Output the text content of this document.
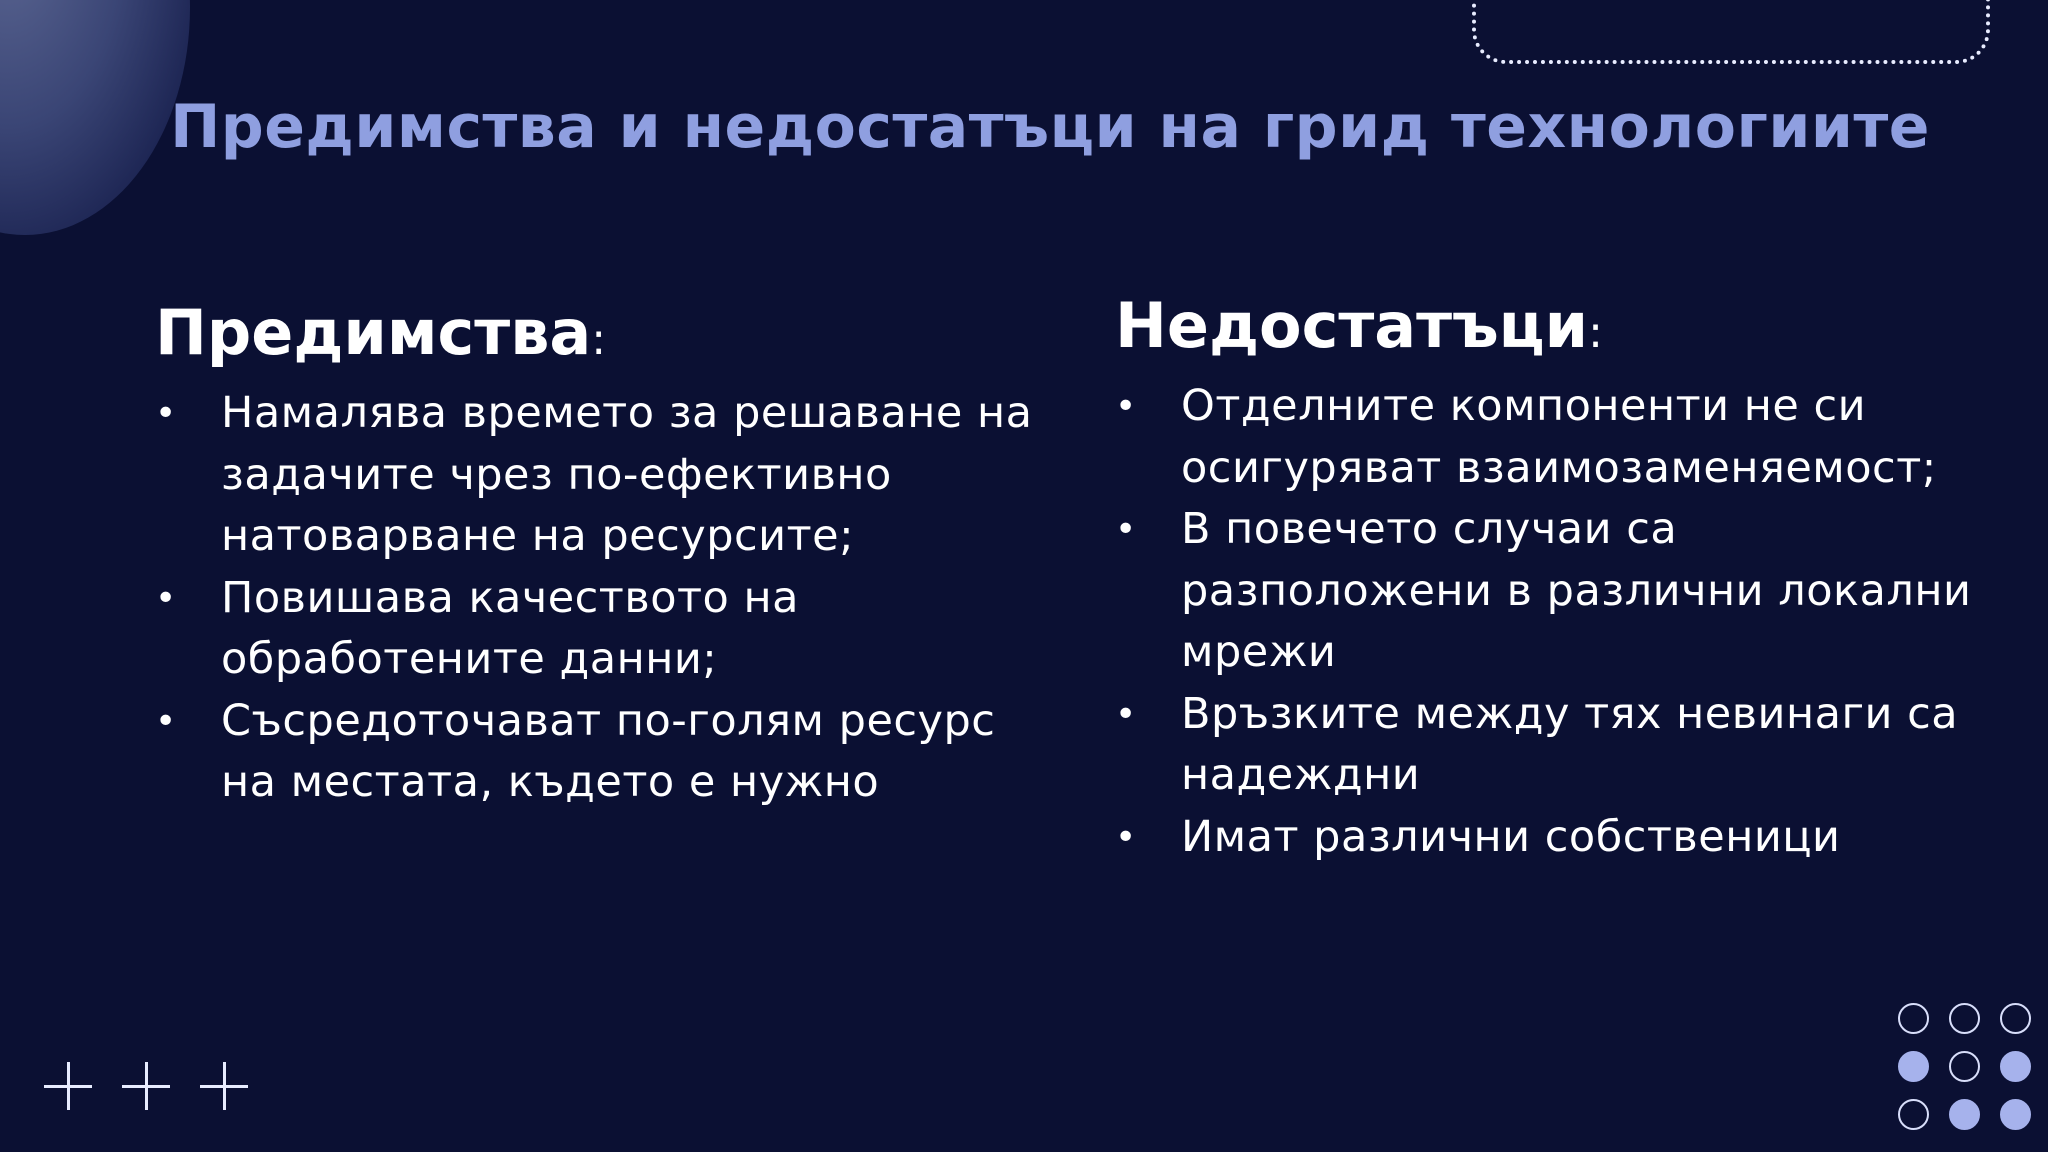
Предимства и недостатъци на грид технологиите
Предимства:
• Намалява времето за решаване на задачите чрез по-ефективно натоварване на ресурсите;
• Повишава качеството на обработените данни;
• Съсредоточават по-голям ресурс на местата, където е нужно
Недостатъци:
• Отделните компоненти не си осигуряват взаимозаменяемост;
• В повечето случаи са разположени в различни локални мрежи
• Връзките между тях невинаги са надеждни
• Имат различни собственици
